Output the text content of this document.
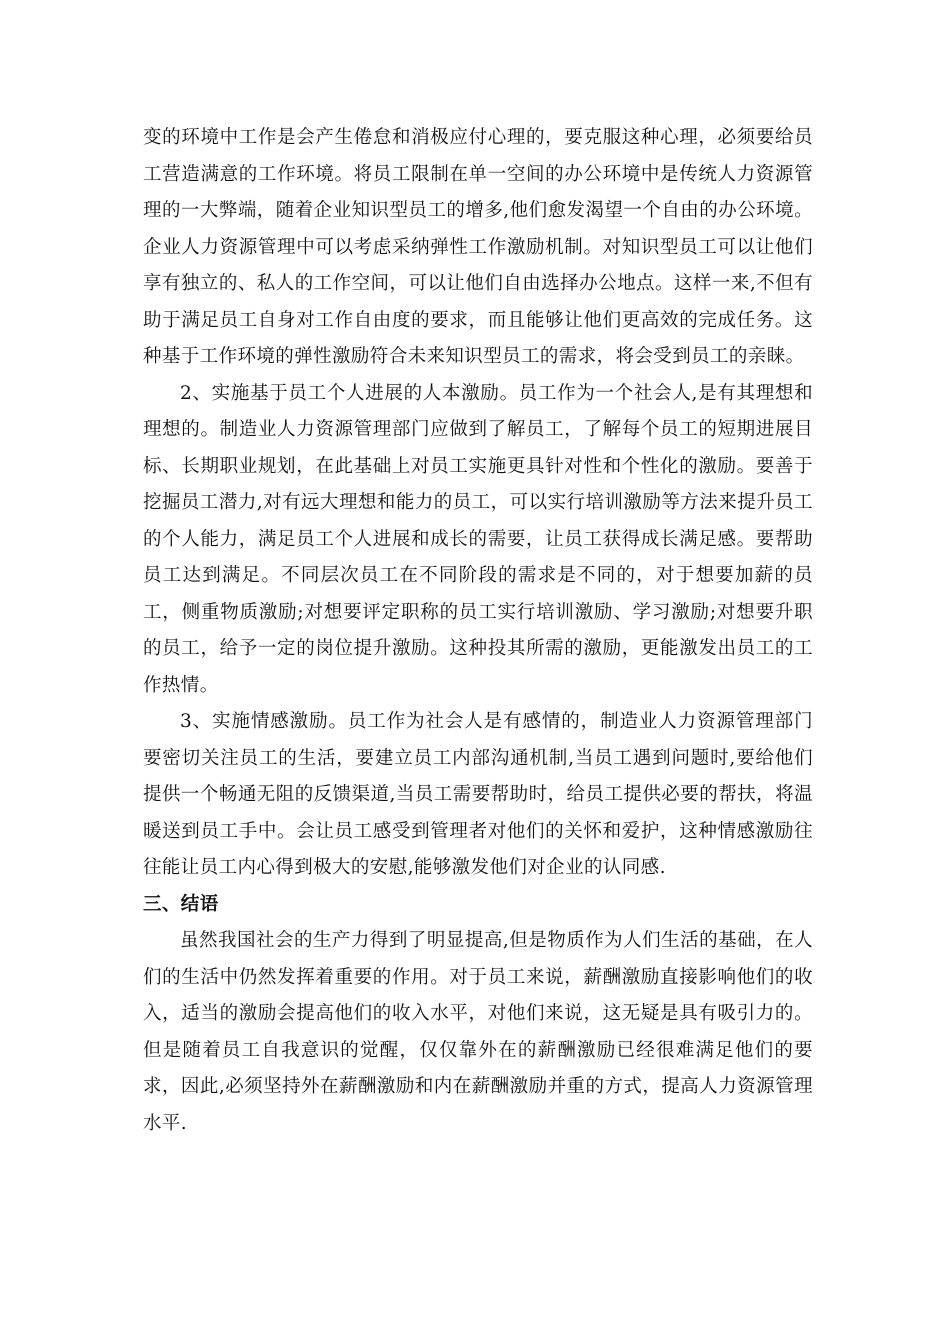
变的环境中工作是会产生倦怠和消极应付心理的，要克服这种心理，必须要给员工营造满意的工作环境。将员工限制在单一空间的办公环境中是传统人力资源管理的一大弊端，随着企业知识型员工的增多,他们愈发渴望一个自由的办公环境。企业人力资源管理中可以考虑采纳弹性工作激励机制。对知识型员工可以让他们享有独立的、私人的工作空间，可以让他们自由选择办公地点。这样一来,不但有助于满足员工自身对工作自由度的要求，而且能够让他们更高效的完成任务。这种基于工作环境的弹性激励符合未来知识型员工的需求，将会受到员工的亲睐。

2、实施基于员工个人进展的人本激励。员工作为一个社会人,是有其理想和理想的。制造业人力资源管理部门应做到了解员工，了解每个员工的短期进展目标、长期职业规划，在此基础上对员工实施更具针对性和个性化的激励。要善于挖掘员工潜力,对有远大理想和能力的员工，可以实行培训激励等方法来提升员工的个人能力，满足员工个人进展和成长的需要，让员工获得成长满足感。要帮助员工达到满足。不同层次员工在不同阶段的需求是不同的，对于想要加薪的员工，侧重物质激励;对想要评定职称的员工实行培训激励、学习激励;对想要升职的员工，给予一定的岗位提升激励。这种投其所需的激励，更能激发出员工的工作热情。

3、实施情感激励。员工作为社会人是有感情的，制造业人力资源管理部门要密切关注员工的生活，要建立员工内部沟通机制,当员工遇到问题时,要给他们提供一个畅通无阻的反馈渠道,当员工需要帮助时，给员工提供必要的帮扶，将温暖送到员工手中。会让员工感受到管理者对他们的关怀和爱护，这种情感激励往往能让员工内心得到极大的安慰,能够激发他们对企业的认同感.

三、结语

虽然我国社会的生产力得到了明显提高,但是物质作为人们生活的基础，在人们的生活中仍然发挥着重要的作用。对于员工来说，薪酬激励直接影响他们的收入，适当的激励会提高他们的收入水平，对他们来说，这无疑是具有吸引力的。但是随着员工自我意识的觉醒，仅仅靠外在的薪酬激励已经很难满足他们的要求，因此,必须坚持外在薪酬激励和内在薪酬激励并重的方式，提高人力资源管理水平.
